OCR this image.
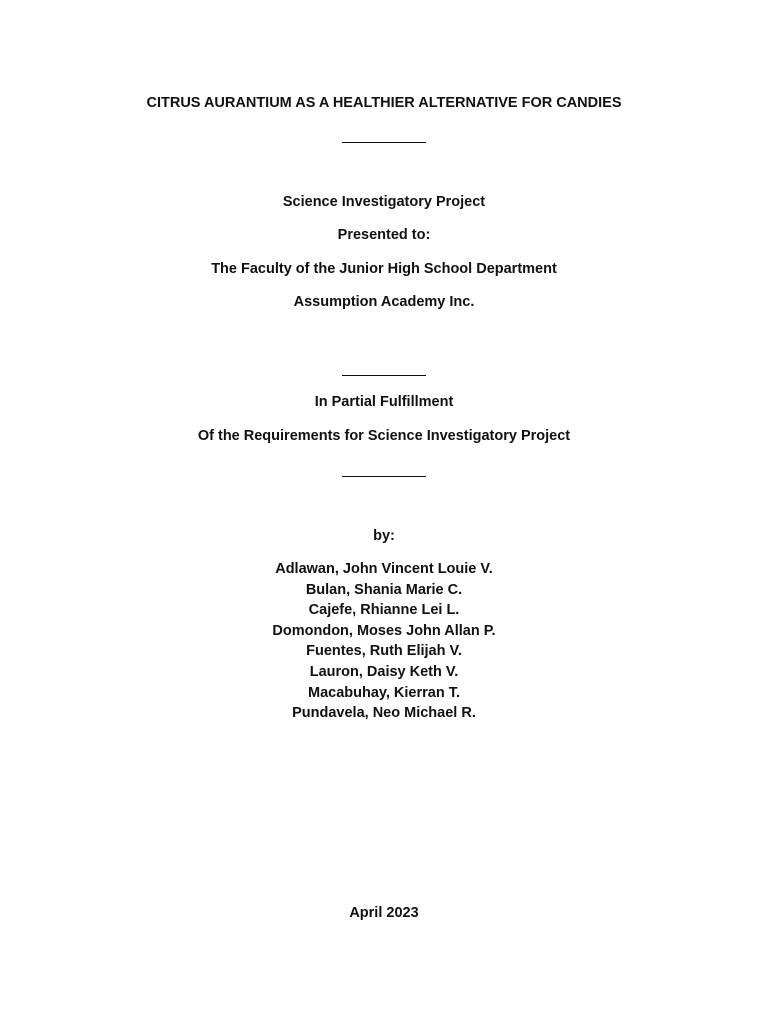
CITRUS AURANTIUM AS A HEALTHIER ALTERNATIVE FOR CANDIES
Science Investigatory Project
Presented to:
The Faculty of the Junior High School Department
Assumption Academy Inc.
In Partial Fulfillment
Of the Requirements for Science Investigatory Project
by:
Adlawan, John Vincent Louie V.
Bulan, Shania Marie C.
Cajefe, Rhianne Lei L.
Domondon, Moses John Allan P.
Fuentes, Ruth Elijah V.
Lauron, Daisy Keth V.
Macabuhay, Kierran T.
Pundavela, Neo Michael R.
April 2023
